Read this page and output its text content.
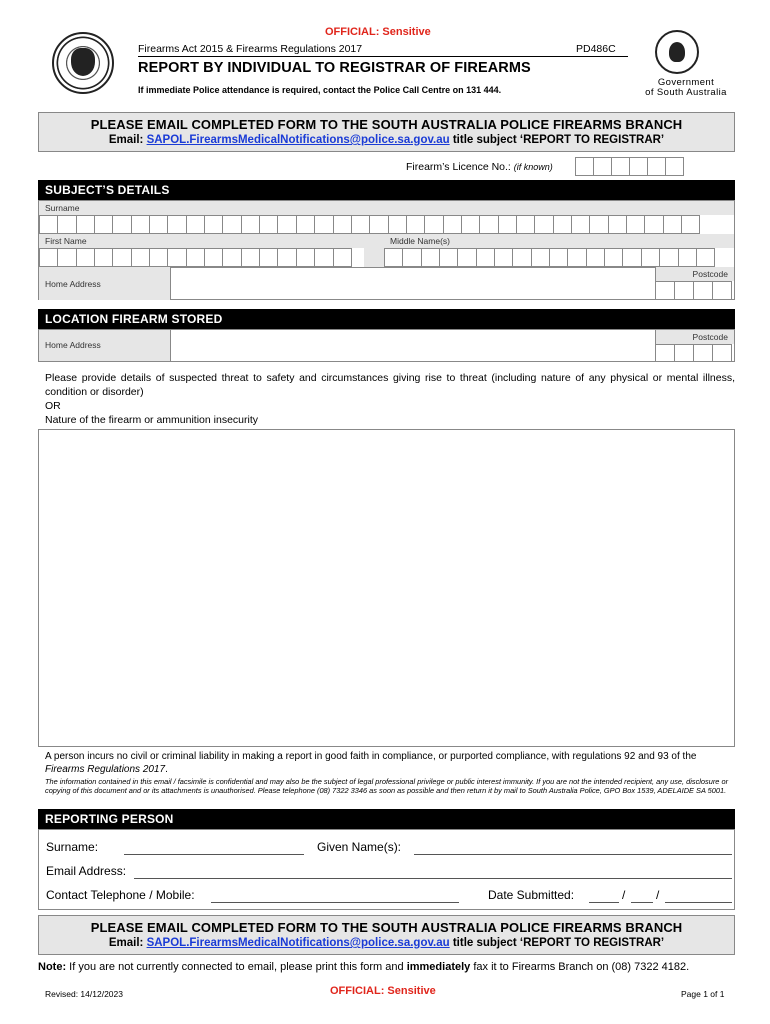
OFFICIAL: Sensitive
Firearms Act 2015 & Firearms Regulations 2017	PD486C
REPORT BY INDIVIDUAL TO REGISTRAR OF FIREARMS
If immediate Police attendance is required, contact the Police Call Centre on 131 444.
Government
of South Australia
PLEASE EMAIL COMPLETED FORM TO THE SOUTH AUSTRALIA POLICE FIREARMS BRANCH
Email: SAPOL.FirearmsMedicalNotifications@police.sa.gov.au title subject ‘REPORT TO REGISTRAR’
Firearm’s Licence No.: (if known)
SUBJECT’S DETAILS
Surname
First Name	Middle Name(s)
Home Address
Postcode
LOCATION FIREARM STORED
Home Address
Postcode
Please provide details of suspected threat to safety and circumstances giving rise to threat (including nature of any physical or mental illness, condition or disorder)
OR
Nature of the firearm or ammunition insecurity
A person incurs no civil or criminal liability in making a report in good faith in compliance, or purported compliance, with regulations 92 and 93 of the Firearms Regulations 2017.
The information contained in this email / facsimile is confidential and may also be the subject of legal professional privilege or public interest immunity. If you are not the intended recipient, any use, disclosure or copying of this document and or its attachments is unauthorised. Please telephone (08) 7322 3346 as soon as possible and then return it by mail to South Australia Police, GPO Box 1539, ADELAIDE SA 5001.
REPORTING PERSON
Surname:	Given Name(s):
Email Address:
Contact Telephone / Mobile:	Date Submitted:	/	/
PLEASE EMAIL COMPLETED FORM TO THE SOUTH AUSTRALIA POLICE FIREARMS BRANCH
Email: SAPOL.FirearmsMedicalNotifications@police.sa.gov.au title subject ‘REPORT TO REGISTRAR’
Note: If you are not currently connected to email, please print this form and immediately fax it to Firearms Branch on (08) 7322 4182.
Revised: 14/12/2023	OFFICIAL: Sensitive	Page 1 of 1
